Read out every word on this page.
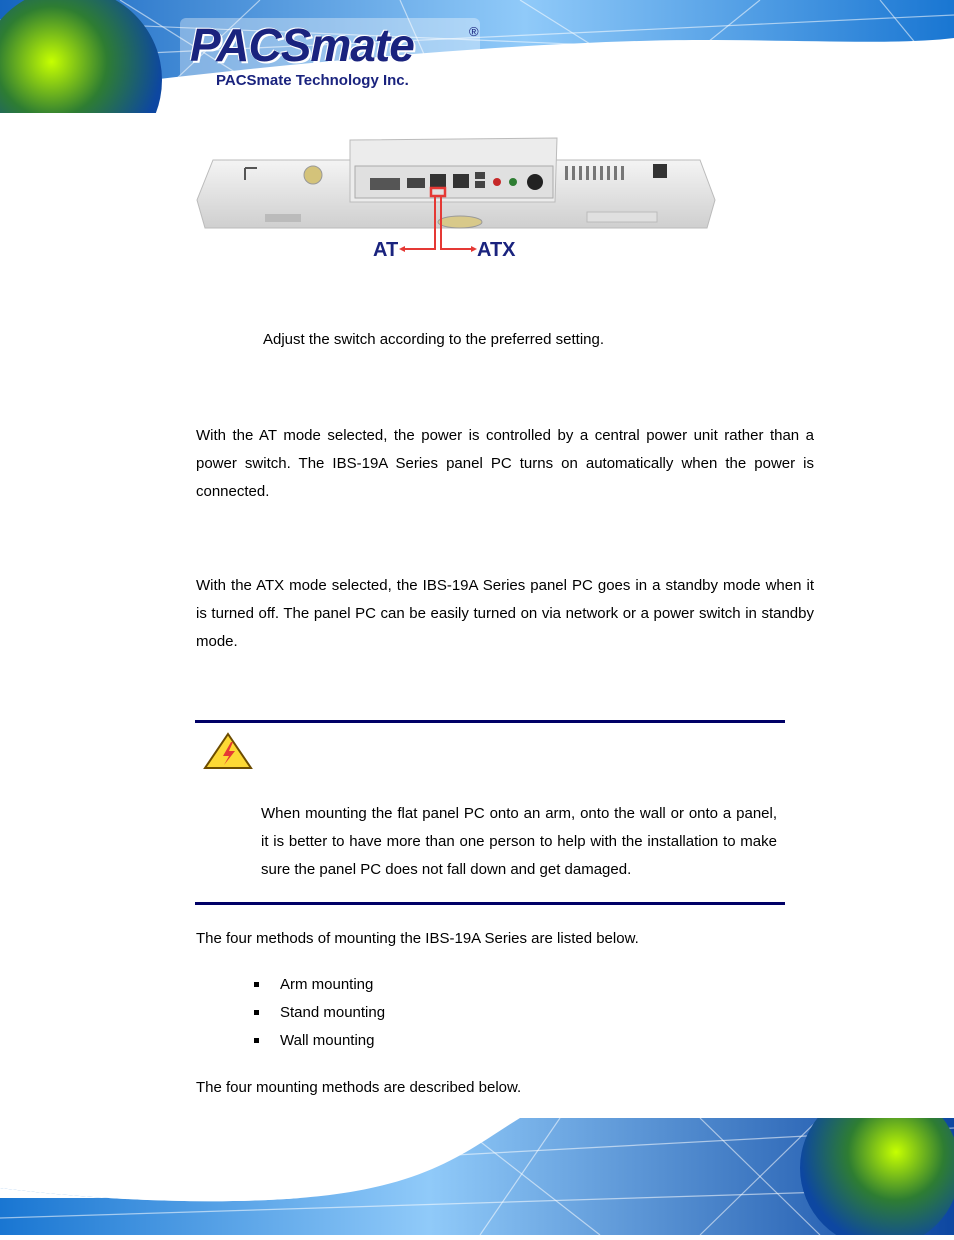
PACSmate	®
PACSmate Technology Inc.
AT	ATX

Adjust the switch according to the preferred setting.

With the AT mode selected, the power is controlled by a central power unit rather than a power switch. The IBS-19A Series panel PC turns on automatically when the power is connected.

With the ATX mode selected, the IBS-19A Series panel PC goes in a standby mode when it is turned off. The panel PC can be easily turned on via network or a power switch in standby mode.

When mounting the flat panel PC onto an arm, onto the wall or onto a panel, it is better to have more than one person to help with the installation to make sure the panel PC does not fall down and get damaged.

The four methods of mounting the IBS-19A Series are listed below.

Arm mounting
Stand mounting
Wall mounting

The four mounting methods are described below.
